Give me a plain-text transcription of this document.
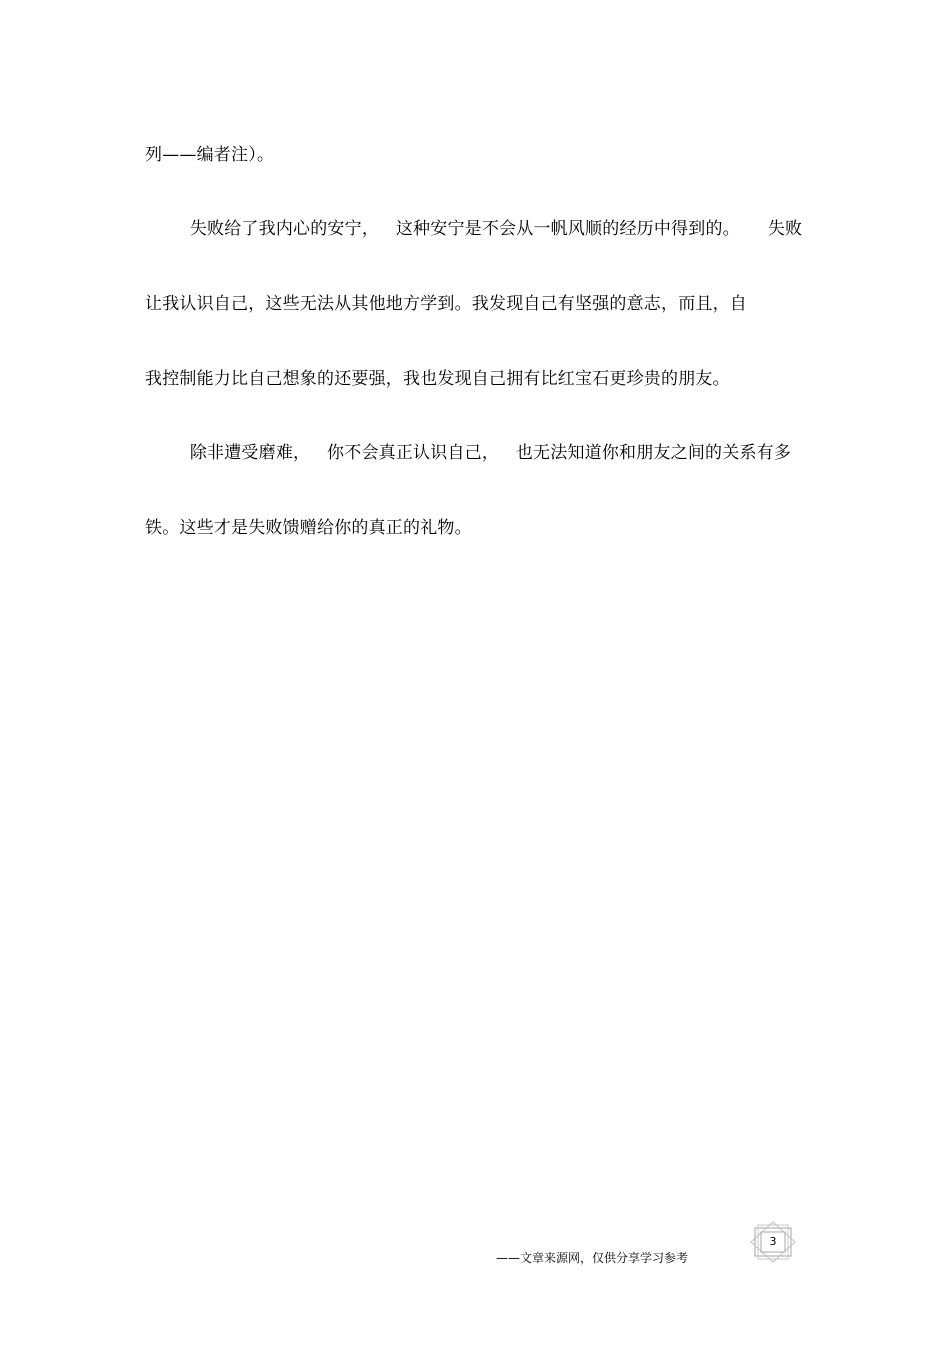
列——编者注）。
失败给了我内心的安宁，   这种安宁是不会从一帆风顺的经历中得到的。     失败
让我认识自己，这些无法从其他地方学到。我发现自己有坚强的意志，而且，自
我控制能力比自己想象的还要强，我也发现自己拥有比红宝石更珍贵的朋友。
除非遭受磨难，   你不会真正认识自己，   也无法知道你和朋友之间的关系有多
铁。这些才是失败馈赠给你的真正的礼物。
——文章来源网，仅供分享学习参考
3
